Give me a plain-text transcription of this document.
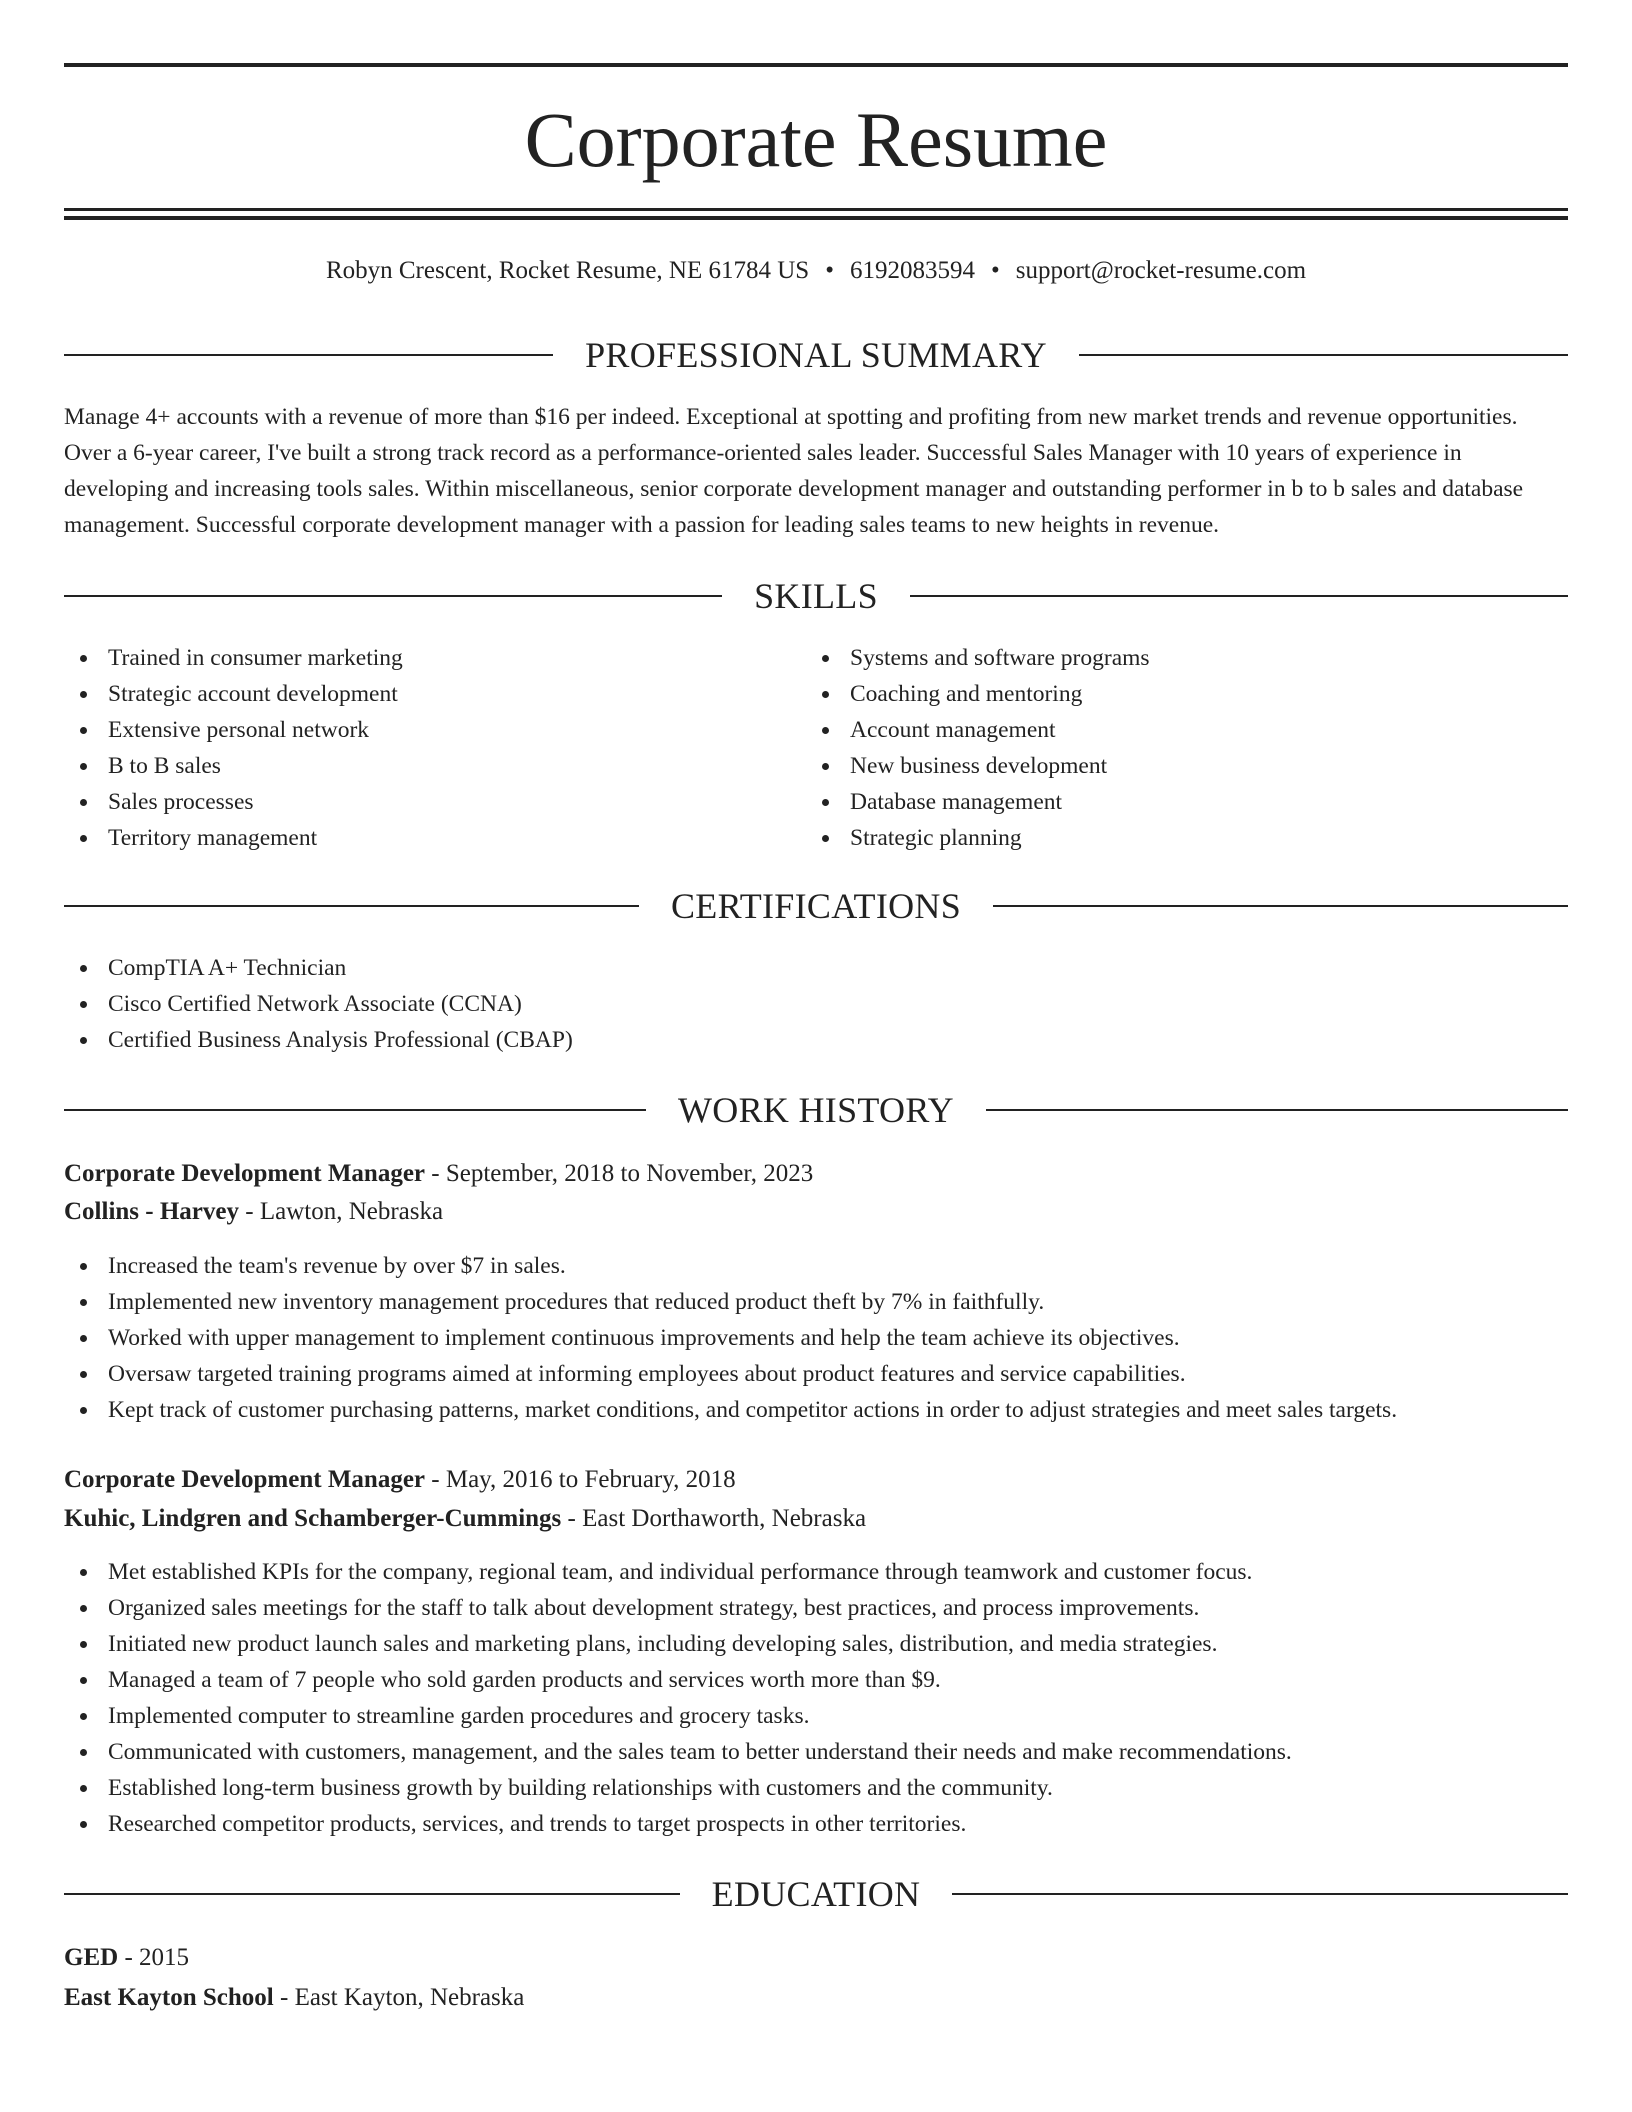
Corporate Resume
Robyn Crescent, Rocket Resume, NE 61784 US • 6192083594 • support@rocket-resume.com
PROFESSIONAL SUMMARY

Manage 4+ accounts with a revenue of more than $16 per indeed. Exceptional at spotting and profiting from new market trends and revenue opportunities. Over a 6-year career, I've built a strong track record as a performance-oriented sales leader. Successful Sales Manager with 10 years of experience in developing and increasing tools sales. Within miscellaneous, senior corporate development manager and outstanding performer in b to b sales and database management. Successful corporate development manager with a passion for leading sales teams to new heights in revenue.

SKILLS
Trained in consumer marketing
Strategic account development
Extensive personal network
B to B sales
Sales processes
Territory management
Systems and software programs
Coaching and mentoring
Account management
New business development
Database management
Strategic planning
CERTIFICATIONS
CompTIA A+ Technician
Cisco Certified Network Associate (CCNA)
Certified Business Analysis Professional (CBAP)
WORK HISTORY
Corporate Development Manager - September, 2018 to November, 2023
Collins - Harvey - Lawton, Nebraska
Increased the team's revenue by over $7 in sales.
Implemented new inventory management procedures that reduced product theft by 7% in faithfully.
Worked with upper management to implement continuous improvements and help the team achieve its objectives.
Oversaw targeted training programs aimed at informing employees about product features and service capabilities.
Kept track of customer purchasing patterns, market conditions, and competitor actions in order to adjust strategies and meet sales targets.
Corporate Development Manager - May, 2016 to February, 2018
Kuhic, Lindgren and Schamberger-Cummings - East Dorthaworth, Nebraska
Met established KPIs for the company, regional team, and individual performance through teamwork and customer focus.
Organized sales meetings for the staff to talk about development strategy, best practices, and process improvements.
Initiated new product launch sales and marketing plans, including developing sales, distribution, and media strategies.
Managed a team of 7 people who sold garden products and services worth more than $9.
Implemented computer to streamline garden procedures and grocery tasks.
Communicated with customers, management, and the sales team to better understand their needs and make recommendations.
Established long-term business growth by building relationships with customers and the community.
Researched competitor products, services, and trends to target prospects in other territories.
EDUCATION
GED - 2015
East Kayton School - East Kayton, Nebraska
